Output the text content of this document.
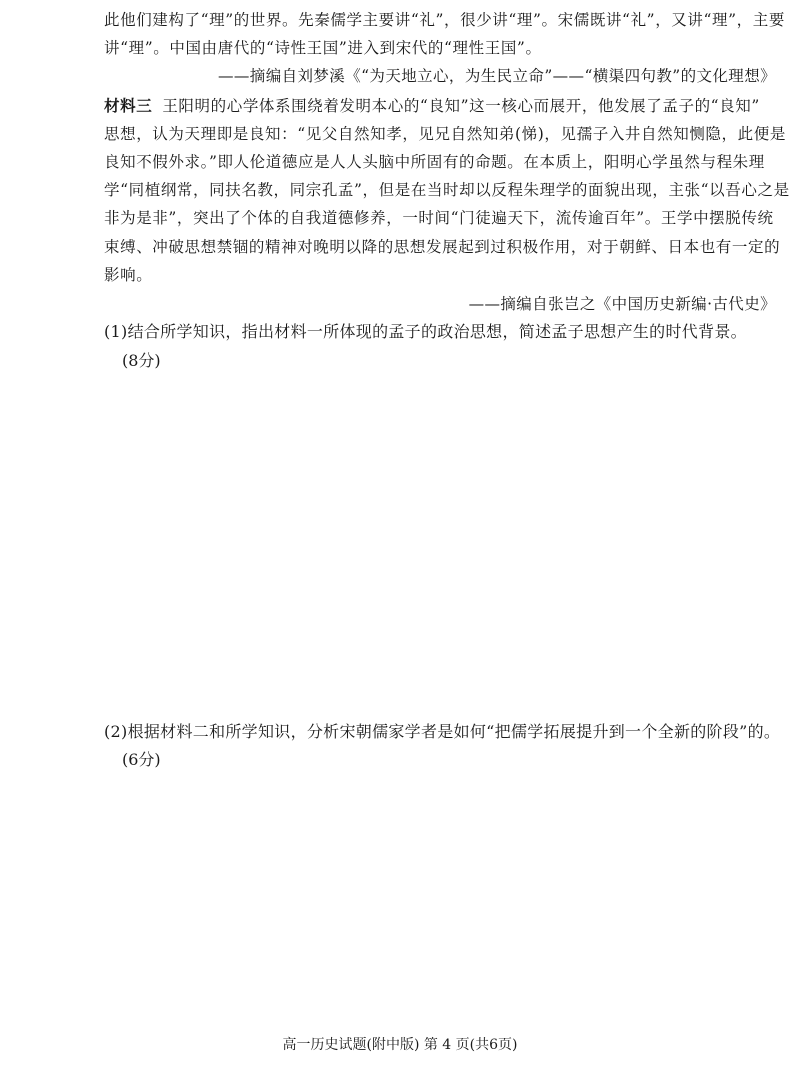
此他们建构了“理”的世界。先秦儒学主要讲“礼”，很少讲“理”。宋儒既讲“礼”，又讲“理”，主要
讲“理”。中国由唐代的“诗性王国”进入到宋代的“理性王国”。
——摘编自刘梦溪《“为天地立心，为生民立命”——“横渠四句教”的文化理想》
材料三 王阳明的心学体系围绕着发明本心的“良知”这一核心而展开，他发展了孟子的“良知”
思想，认为天理即是良知：“见父自然知孝，见兄自然知弟(悌)，见孺子入井自然知恻隐，此便是
良知不假外求。”即人伦道德应是人人头脑中所固有的命题。在本质上，阳明心学虽然与程朱理
学“同植纲常，同扶名教，同宗孔孟”，但是在当时却以反程朱理学的面貌出现，主张“以吾心之是
非为是非”，突出了个体的自我道德修养，一时间“门徒遍天下，流传逾百年”。王学中摆脱传统
束缚、冲破思想禁锢的精神对晚明以降的思想发展起到过积极作用，对于朝鲜、日本也有一定的
影响。
——摘编自张岂之《中国历史新编·古代史》
(1)结合所学知识，指出材料一所体现的孟子的政治思想，简述孟子思想产生的时代背景。
(8分)
(2)根据材料二和所学知识，分析宋朝儒家学者是如何“把儒学拓展提升到一个全新的阶段”的。
(6分)
高一历史试题(附中版) 第 4 页(共6页)
